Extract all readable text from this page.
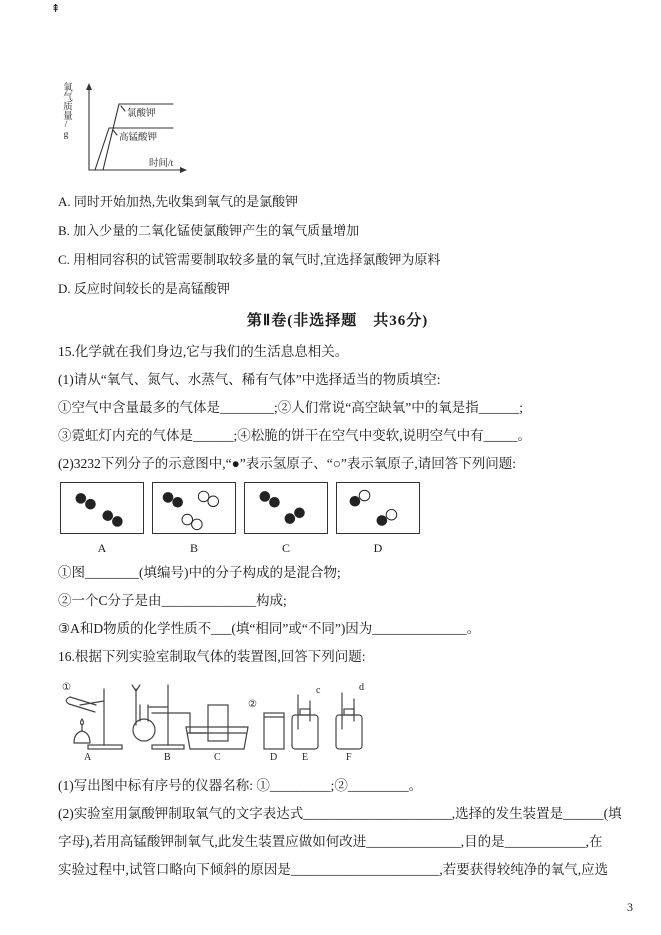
⇞
氧气质量/g	氯酸钾
高锰酸钾
时间/t

A. 同时开始加热,先收集到氧气的是氯酸钾

B. 加入少量的二氧化锰使氯酸钾产生的氧气质量增加

C. 用相同容积的试管需要制取较多量的氧气时,宜选择氯酸钾为原料

D. 反应时间较长的是高锰酸钾

第Ⅱ卷(非选择题　共36分)

15.化学就在我们身边,它与我们的生活息息相关。

(1)请从“氧气、氮气、水蒸气、稀有气体”中选择适当的物质填空:

①空气中含量最多的气体是________;②人们常说“高空缺氧”中的氧是指______;

③霓虹灯内充的气体是______;④松脆的饼干在空气中变软,说明空气中有_____。

(2)3232下列分子的示意图中,“●”表示氢原子、“○”表示氧原子,请回答下列问题:

A	B	C	D

①图________(填编号)中的分子构成的是混合物;

②一个C分子是由______________构成;

③A和D物质的化学性质不___(填“相同”或“不同”)因为______________。

16.根据下列实验室制取气体的装置图,回答下列问题:

①
②
c	d
A	B	C	D E	F

(1)写出图中标有序号的仪器名称: ①_________;②_________。

(2)实验室用氯酸钾制取氧气的文字表达式______________________,选择的发生装置是______(填

字母),若用高锰酸钾制氧气,此发生装置应做如何改进______________,目的是____________,在

实验过程中,试管口略向下倾斜的原因是______________________,若要获得较纯净的氧气,应选

3
